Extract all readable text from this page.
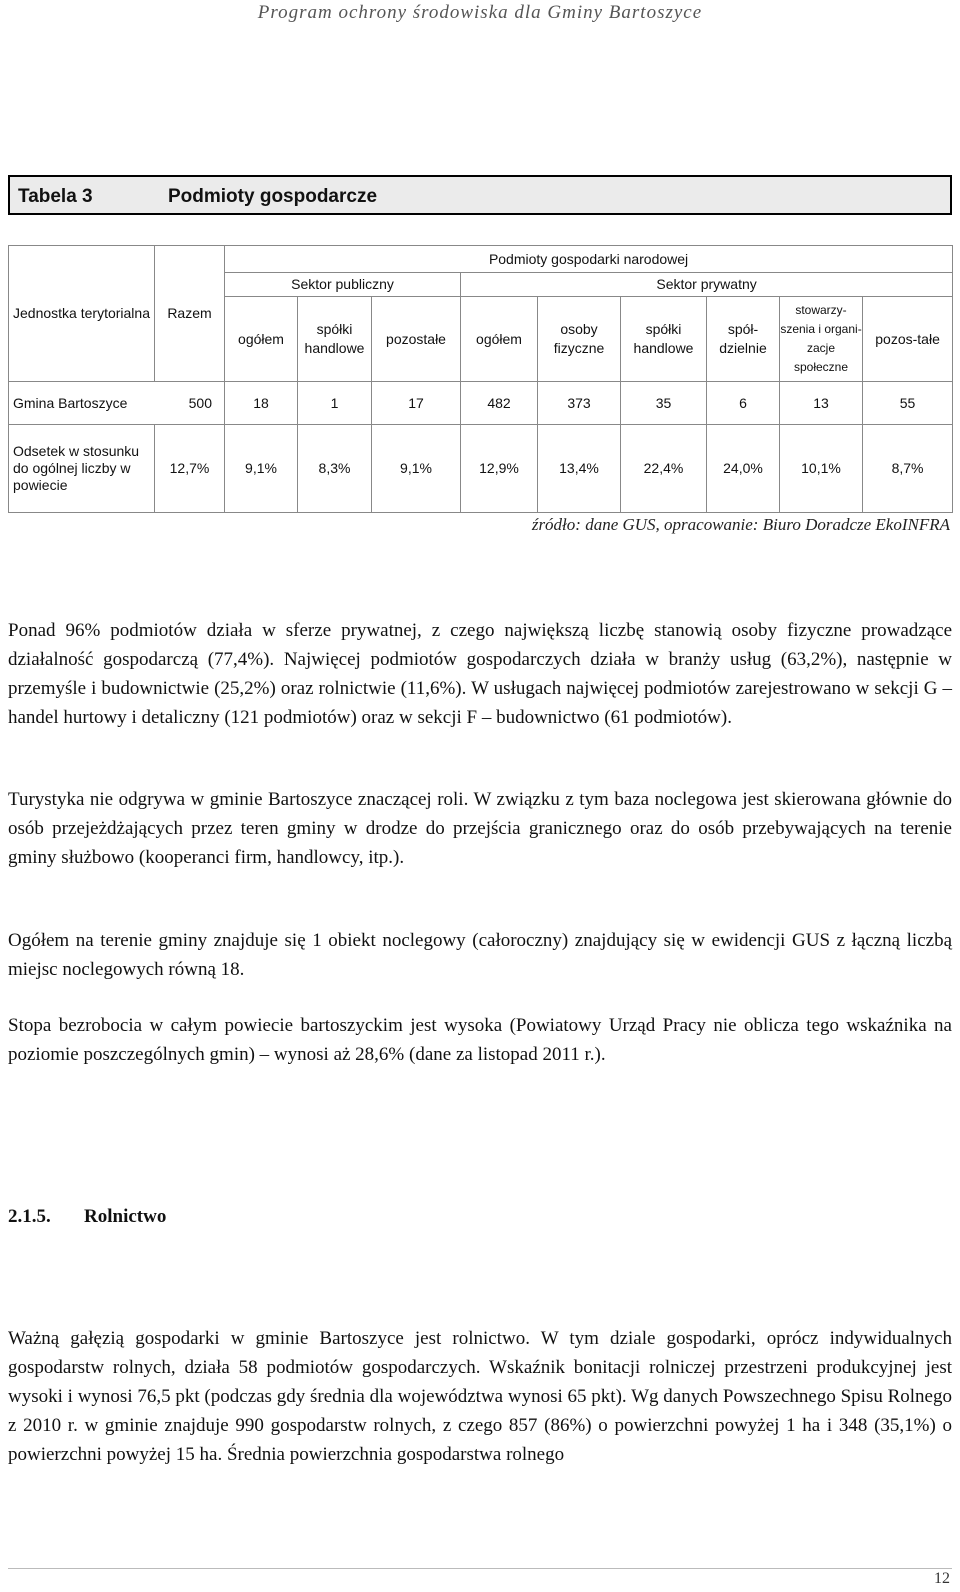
Program ochrony środowiska dla Gminy Bartoszyce
Tabela 3	Podmioty gospodarcze
Jednostka terytorialna	Razem	Podmioty gospodarki narodowej								
		Sektor publiczny			Sektor prywatny					
		ogółem	spółki handlowe	pozostałe	ogółem	osoby fizyczne	spółki handlowe	spół-dzielnie	stowarzy-szenia i organi-zacje społeczne	pozos-tałe
Gmina Bartoszyce 500		18	1	17	482	373	35	6	13	55
Odsetek w stosunku do ogólnej liczby w powiecie	12,7%	9,1%	8,3%	9,1%	12,9%	13,4%	22,4%	24,0%	10,1%	8,7%
źródło: dane GUS, opracowanie: Biuro Doradcze EkoINFRA

Ponad 96% podmiotów działa w sferze prywatnej, z czego największą liczbę stanowią osoby fizyczne prowadzące działalność gospodarczą (77,4%). Najwięcej podmiotów gospodarczych działa w branży usług (63,2%), następnie w przemyśle i budownictwie (25,2%) oraz rolnictwie (11,6%). W usługach najwięcej podmiotów zarejestrowano w sekcji G – handel hurtowy i detaliczny (121 podmiotów) oraz w sekcji F – budownictwo (61 podmiotów).

Turystyka nie odgrywa w gminie Bartoszyce znaczącej roli. W związku z tym baza noclegowa jest skierowana głównie do osób przejeżdżających przez teren gminy w drodze do przejścia granicznego oraz do osób przebywających na terenie gminy służbowo (kooperanci firm, handlowcy, itp.).

Ogółem na terenie gminy znajduje się 1 obiekt noclegowy (całoroczny) znajdujący się w ewidencji GUS z łączną liczbą miejsc noclegowych równą 18.

Stopa bezrobocia w całym powiecie bartoszyckim jest wysoka (Powiatowy Urząd Pracy nie oblicza tego wskaźnika na poziomie poszczególnych gmin) – wynosi aż 28,6% (dane za listopad 2011 r.).

2.1.5. Rolnictwo

Ważną gałęzią gospodarki w gminie Bartoszyce jest rolnictwo. W tym dziale gospodarki, oprócz indywidualnych gospodarstw rolnych, działa 58 podmiotów gospodarczych. Wskaźnik bonitacji rolniczej przestrzeni produkcyjnej jest wysoki i wynosi 76,5 pkt (podczas gdy średnia dla województwa wynosi 65 pkt). Wg danych Powszechnego Spisu Rolnego z 2010 r. w gminie znajduje 990 gospodarstw rolnych, z czego 857 (86%) o powierzchni powyżej 1 ha i 348 (35,1%) o powierzchni powyżej 15 ha. Średnia powierzchnia gospodarstwa rolnego

12
